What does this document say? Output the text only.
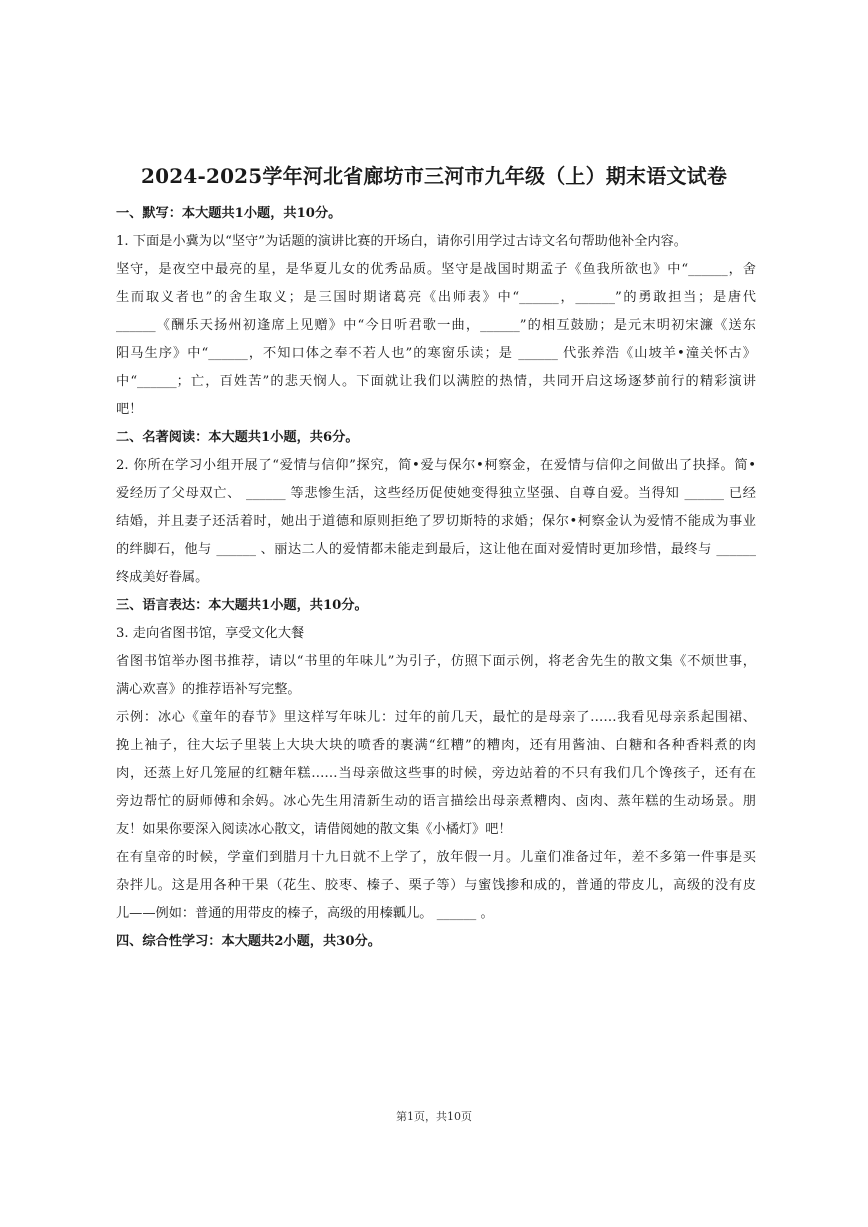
2024-2025学年河北省廊坊市三河市九年级（上）期末语文试卷
一、默写：本大题共1小题，共10分。
1. 下面是小冀为以“坚守”为话题的演讲比赛的开场白，请你引用学过古诗文名句帮助他补全内容。
坚守，是夜空中最亮的星，是华夏儿女的优秀品质。坚守是战国时期孟子《鱼我所欲也》中“______，舍
生而取义者也”的舍生取义；是三国时期诸葛亮《出师表》中“______，______”的勇敢担当；是唐代
______《酬乐天扬州初逢席上见赠》中“今日听君歌一曲，______”的相互鼓励；是元末明初宋濂《送东
阳马生序》中“______，不知口体之奉不若人也”的寒窗乐读；是 ______ 代张养浩《山坡羊•潼关怀古》
中“______；亡，百姓苦”的悲天悯人。下面就让我们以满腔的热情，共同开启这场逐梦前行的精彩演讲
吧！
二、名著阅读：本大题共1小题，共6分。
2. 你所在学习小组开展了“爱情与信仰”探究，简•爱与保尔•柯察金，在爱情与信仰之间做出了抉择。简•
爱经历了父母双亡、 ______ 等悲惨生活，这些经历促使她变得独立坚强、自尊自爱。当得知 ______ 已经
结婚，并且妻子还活着时，她出于道德和原则拒绝了罗切斯特的求婚；保尔•柯察金认为爱情不能成为事业
的绊脚石，他与 ______ 、丽达二人的爱情都未能走到最后，这让他在面对爱情时更加珍惜，最终与 ______
终成美好眷属。
三、语言表达：本大题共1小题，共10分。
3. 走向省图书馆，享受文化大餐
省图书馆举办图书推荐，请以“书里的年味儿”为引子，仿照下面示例，将老舍先生的散文集《不烦世事，
满心欢喜》的推荐语补写完整。
示例：冰心《童年的春节》里这样写年味儿：过年的前几天，最忙的是母亲了……我看见母亲系起围裙、
挽上袖子，往大坛子里装上大块大块的喷香的裹满“红糟”的糟肉，还有用酱油、白糖和各种香料煮的肉
肉，还蒸上好几笼屉的红糖年糕……当母亲做这些事的时候，旁边站着的不只有我们几个馋孩子，还有在
旁边帮忙的厨师傅和余妈。冰心先生用清新生动的语言描绘出母亲煮糟肉、卤肉、蒸年糕的生动场景。朋
友！如果你要深入阅读冰心散文，请借阅她的散文集《小橘灯》吧！
在有皇帝的时候，学童们到腊月十九日就不上学了，放年假一月。儿童们准备过年，差不多第一件事是买
杂拌儿。这是用各种干果（花生、胶枣、榛子、栗子等）与蜜饯掺和成的，普通的带皮儿，高级的没有皮
儿——例如：普通的用带皮的榛子，高级的用榛瓤儿。 ______ 。
四、综合性学习：本大题共2小题，共30分。
第1页，共10页
